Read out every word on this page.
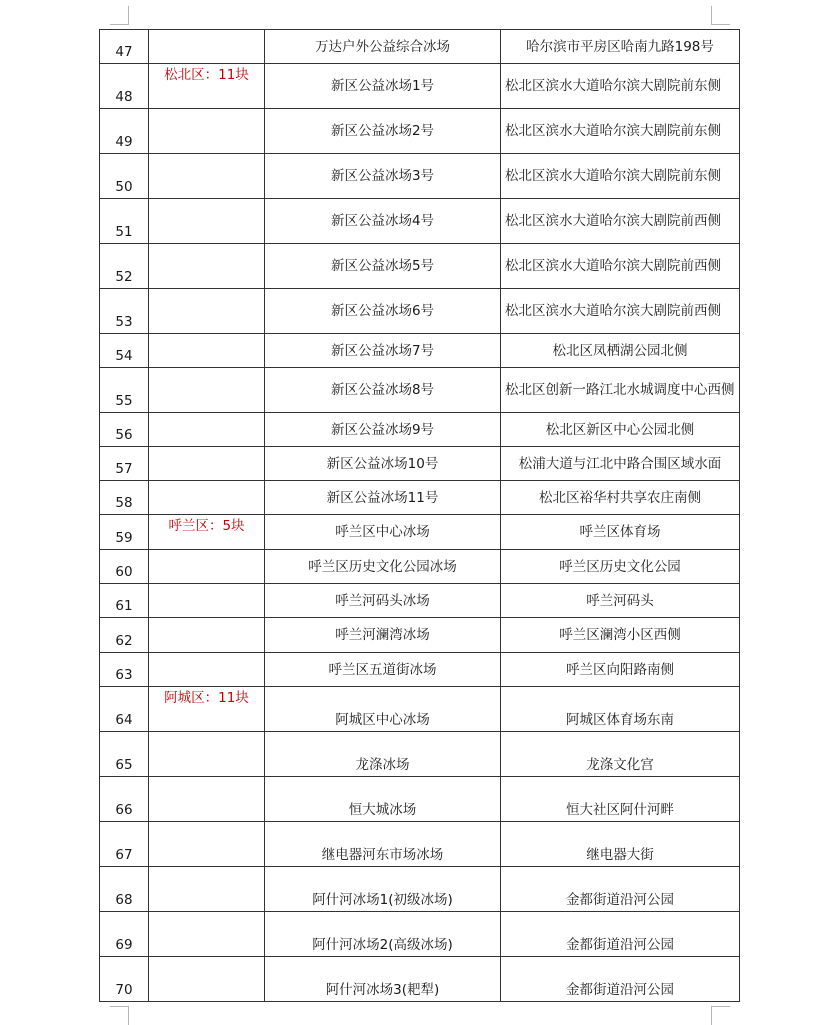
47		万达户外公益综合冰场	哈尔滨市平房区哈南九路198号
48	松北区：11块	新区公益冰场1号	松北区滨水大道哈尔滨大剧院前东侧
49		新区公益冰场2号	松北区滨水大道哈尔滨大剧院前东侧
50		新区公益冰场3号	松北区滨水大道哈尔滨大剧院前东侧
51		新区公益冰场4号	松北区滨水大道哈尔滨大剧院前西侧
52		新区公益冰场5号	松北区滨水大道哈尔滨大剧院前西侧
53		新区公益冰场6号	松北区滨水大道哈尔滨大剧院前西侧
54		新区公益冰场7号	松北区凤栖湖公园北侧
55		新区公益冰场8号	松北区创新一路江北水城调度中心西侧
56		新区公益冰场9号	松北区新区中心公园北侧
57		新区公益冰场10号	松浦大道与江北中路合围区域水面
58		新区公益冰场11号	松北区裕华村共享农庄南侧
59	呼兰区：5块	呼兰区中心冰场	呼兰区体育场
60		呼兰区历史文化公园冰场	呼兰区历史文化公园
61		呼兰河码头冰场	呼兰河码头
62		呼兰河澜湾冰场	呼兰区澜湾小区西侧
63		呼兰区五道街冰场	呼兰区向阳路南侧
64	阿城区：11块	阿城区中心冰场	阿城区体育场东南
65		龙涤冰场	龙涤文化宫
66		恒大城冰场	恒大社区阿什河畔
67		继电器河东市场冰场	继电器大街
68		阿什河冰场1(初级冰场)	金都街道沿河公园
69		阿什河冰场2(高级冰场)	金都街道沿河公园
70		阿什河冰场3(耙犁)	金都街道沿河公园
